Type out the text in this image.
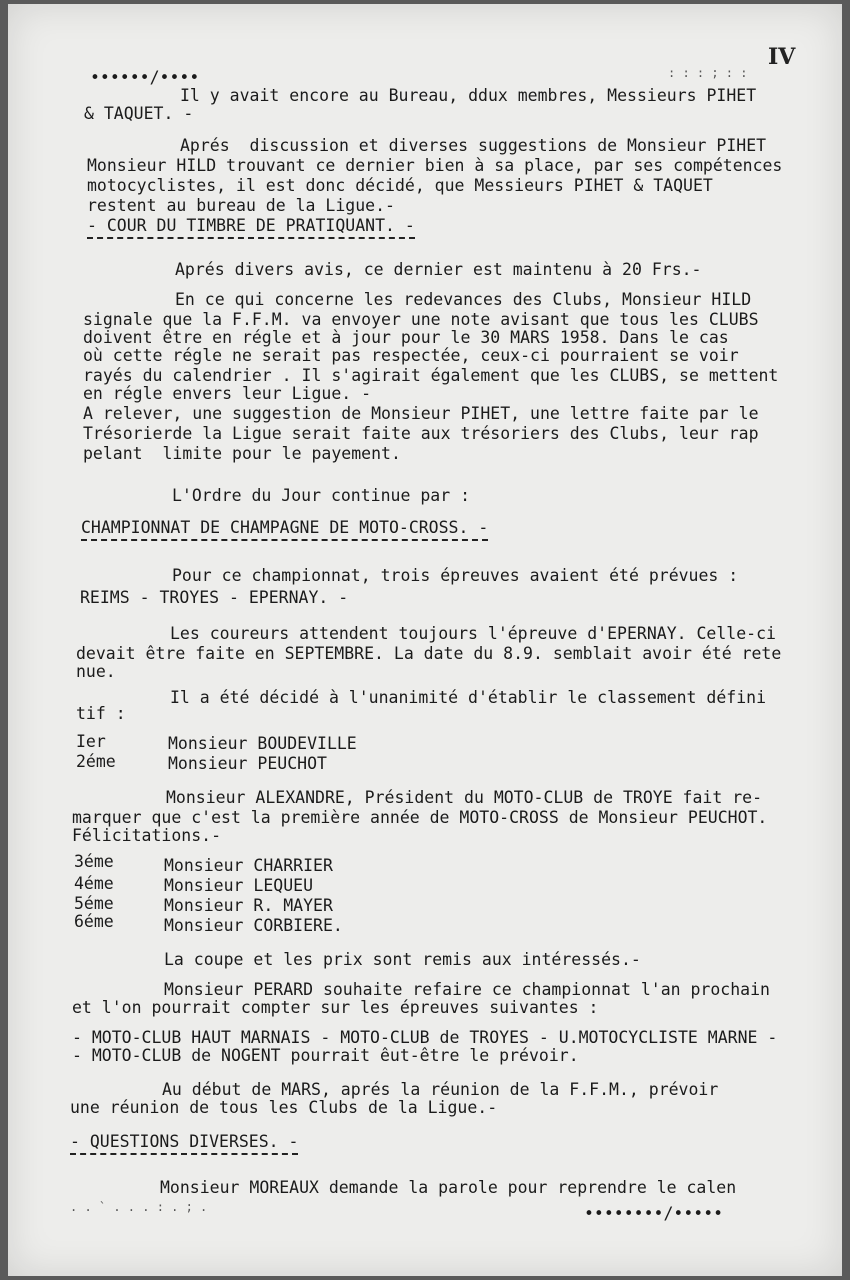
IV
••••••/••••
Il y avait encore au Bureau, ddux membres, Messieurs PIHET
& TAQUET. -
Aprés  discussion et diverses suggestions de Monsieur PIHET
Monsieur HILD trouvant ce dernier bien à sa place, par ses compétences
motocyclistes, il est donc décidé, que Messieurs PIHET & TAQUET
restent au bureau de la Ligue.-
- COUR DU TIMBRE DE PRATIQUANT. -
Aprés divers avis, ce dernier est maintenu à 20 Frs.-
En ce qui concerne les redevances des Clubs, Monsieur HILD
signale que la F.F.M. va envoyer une note avisant que tous les CLUBS
doivent être en régle et à jour pour le 30 MARS 1958. Dans le cas
où cette régle ne serait pas respectée, ceux-ci pourraient se voir
rayés du calendrier . Il s'agirait également que les CLUBS, se mettent
en régle envers leur Ligue. -
A relever, une suggestion de Monsieur PIHET, une lettre faite par le
Trésorierde la Ligue serait faite aux trésoriers des Clubs, leur rap
pelant  limite pour le payement.
L'Ordre du Jour continue par :
CHAMPIONNAT DE CHAMPAGNE DE MOTO-CROSS. -
Pour ce championnat, trois épreuves avaient été prévues :
REIMS - TROYES - EPERNAY. -
Les coureurs attendent toujours l'épreuve d'EPERNAY. Celle-ci
devait être faite en SEPTEMBRE. La date du 8.9. semblait avoir été rete
nue.
Il a été décidé à l'unanimité d'établir le classement défini
tif :
Ier	Monsieur BOUDEVILLE
2éme	Monsieur PEUCHOT
Monsieur ALEXANDRE, Président du MOTO-CLUB de TROYE fait re-
marquer que c'est la première année de MOTO-CROSS de Monsieur PEUCHOT.
Félicitations.-
3éme	Monsieur CHARRIER
4éme	Monsieur LEQUEU
5éme	Monsieur R. MAYER
6éme	Monsieur CORBIERE.
La coupe et les prix sont remis aux intéressés.-
Monsieur PERARD souhaite refaire ce championnat l'an prochain
et l'on pourrait compter sur les épreuves suivantes :
- MOTO-CLUB HAUT MARNAIS - MOTO-CLUB de TROYES - U.MOTOCYCLISTE MARNE -
- MOTO-CLUB de NOGENT pourrait êut-être le prévoir.
Au début de MARS, aprés la réunion de la F.F.M., prévoir
une réunion de tous les Clubs de la Ligue.-
- QUESTIONS DIVERSES. -
Monsieur MOREAUX demande la parole pour reprendre le calen
••••••••/•••••
: : : ; : :
. . ` . . . : . ; .
